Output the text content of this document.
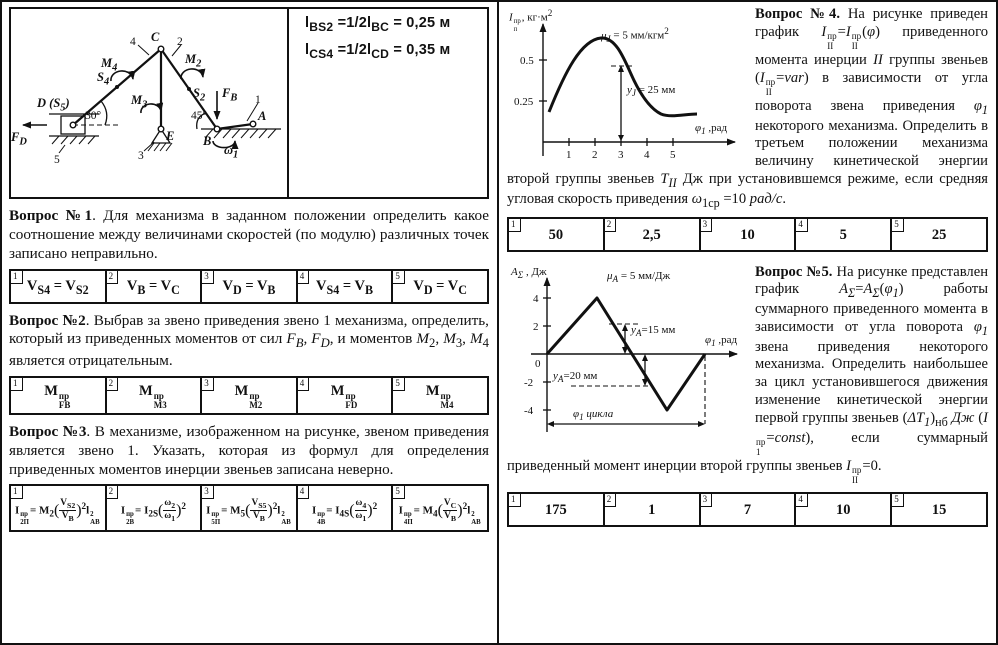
D $(S_5)$
C
E B
A
$M_4$
$M_2$
$M_3$
$S_4$
$S_2$ $F_B$
$F_D$
$\omega_1$
30°	45°
4	2
3
5
1
$l_{BS2} =1/2l_{BC} = 0,25$ м
$l_{CS4} =1/2l_{CD} = 0,35$ м

Вопрос №1. Для механизма в заданном положении определить какое соотношение между величинами скоростей (по модулю) различных точек записано неправильно.

1
$V_{S4} = V_{S2}$
2
$V_B = V_C$
3
$V_D = V_B$
4
$V_{S4} = V_B$
5
$V_D = V_C$

Вопрос №2. Выбрав за звено приведения звено 1 механизма, определить, который из приведенных моментов от сил $F_B$, $F_D$, и моментов $M_2$, $M_3$, $M_4$ является отрицательным.

1	M пр
FB
2	M пр
M3
3	M пр
M2
4	M пр
FD
5	M пр
M4

Вопрос №3. В механизме, изображенном на рисунке, звеном приведения является звено 1. Указать, которая из формул для определения приведенных моментов инерции звеньев записана неверно.

1
I пр
2П
= $M_2( \frac{V_{S2}}{V_B} )^2l$ 2
AB
2
I пр
2В
= $I_{2S}( \frac{\omega_2}{\omega_1} )^2$
3
I пр
5П
= $M_5( \frac{V_{S5}}{V_B} )^2l$ 2
AB
4
I пр
4В
= $I_{4S}( \frac{\omega_4}{\omega_1} )^2$
5
I пр
4П
= $M_4( \frac{V_C}{V_B} )^2l$ 2
AB
0.5
0.25
1 2 3 4 5
I пр
п
, $кг\cdot м^2$
$\mu_J = 5$ мм/кгм$^2$
$y_J = 25$ мм
$\varphi_1$ ,рад

Вопрос №4. На рисунке приведен график I пр
II
=I пр
II
(φ) приведенного момента инерции II группы звеньев (I пр
II
=var) в зависимости от угла поворота звена приведения $\varphi_1$ некоторого механизма. Определить в третьем положении механизма величину кинетической энергии второй группы звеньев $T_{II}$ Дж при установившемся режиме, если средняя угловая скорость приведения $\omega_{1ср} =10$ рад/с.

1
50
2
2,5
3
10
4
5
5
25
4
2
0
-2
-4
$A_\Sigma$ , Дж	$\mu_A = 5$ мм/Дж
$y_A=15$ мм
$y_A=20$ мм
$\varphi_1$ ,рад
$\varphi_1$ цикла

Вопрос №5. На рисунке представлен график $A_\Sigma=A_\Sigma(\varphi_1)$ работы суммарного приведенного момента в зависимости от угла поворота $\varphi_1$ звена приведения некоторого механизма. Определить наибольшее за цикл установившегося движения изменение кинетической энергии первой группы звеньев $(\Delta T_1)_{нб}$ Дж (I
пр
1
=const), если суммарный приведенный момент инерции второй группы звеньев I пр
II
=0.

1
175
2
1
3
7
4
10
5
15
